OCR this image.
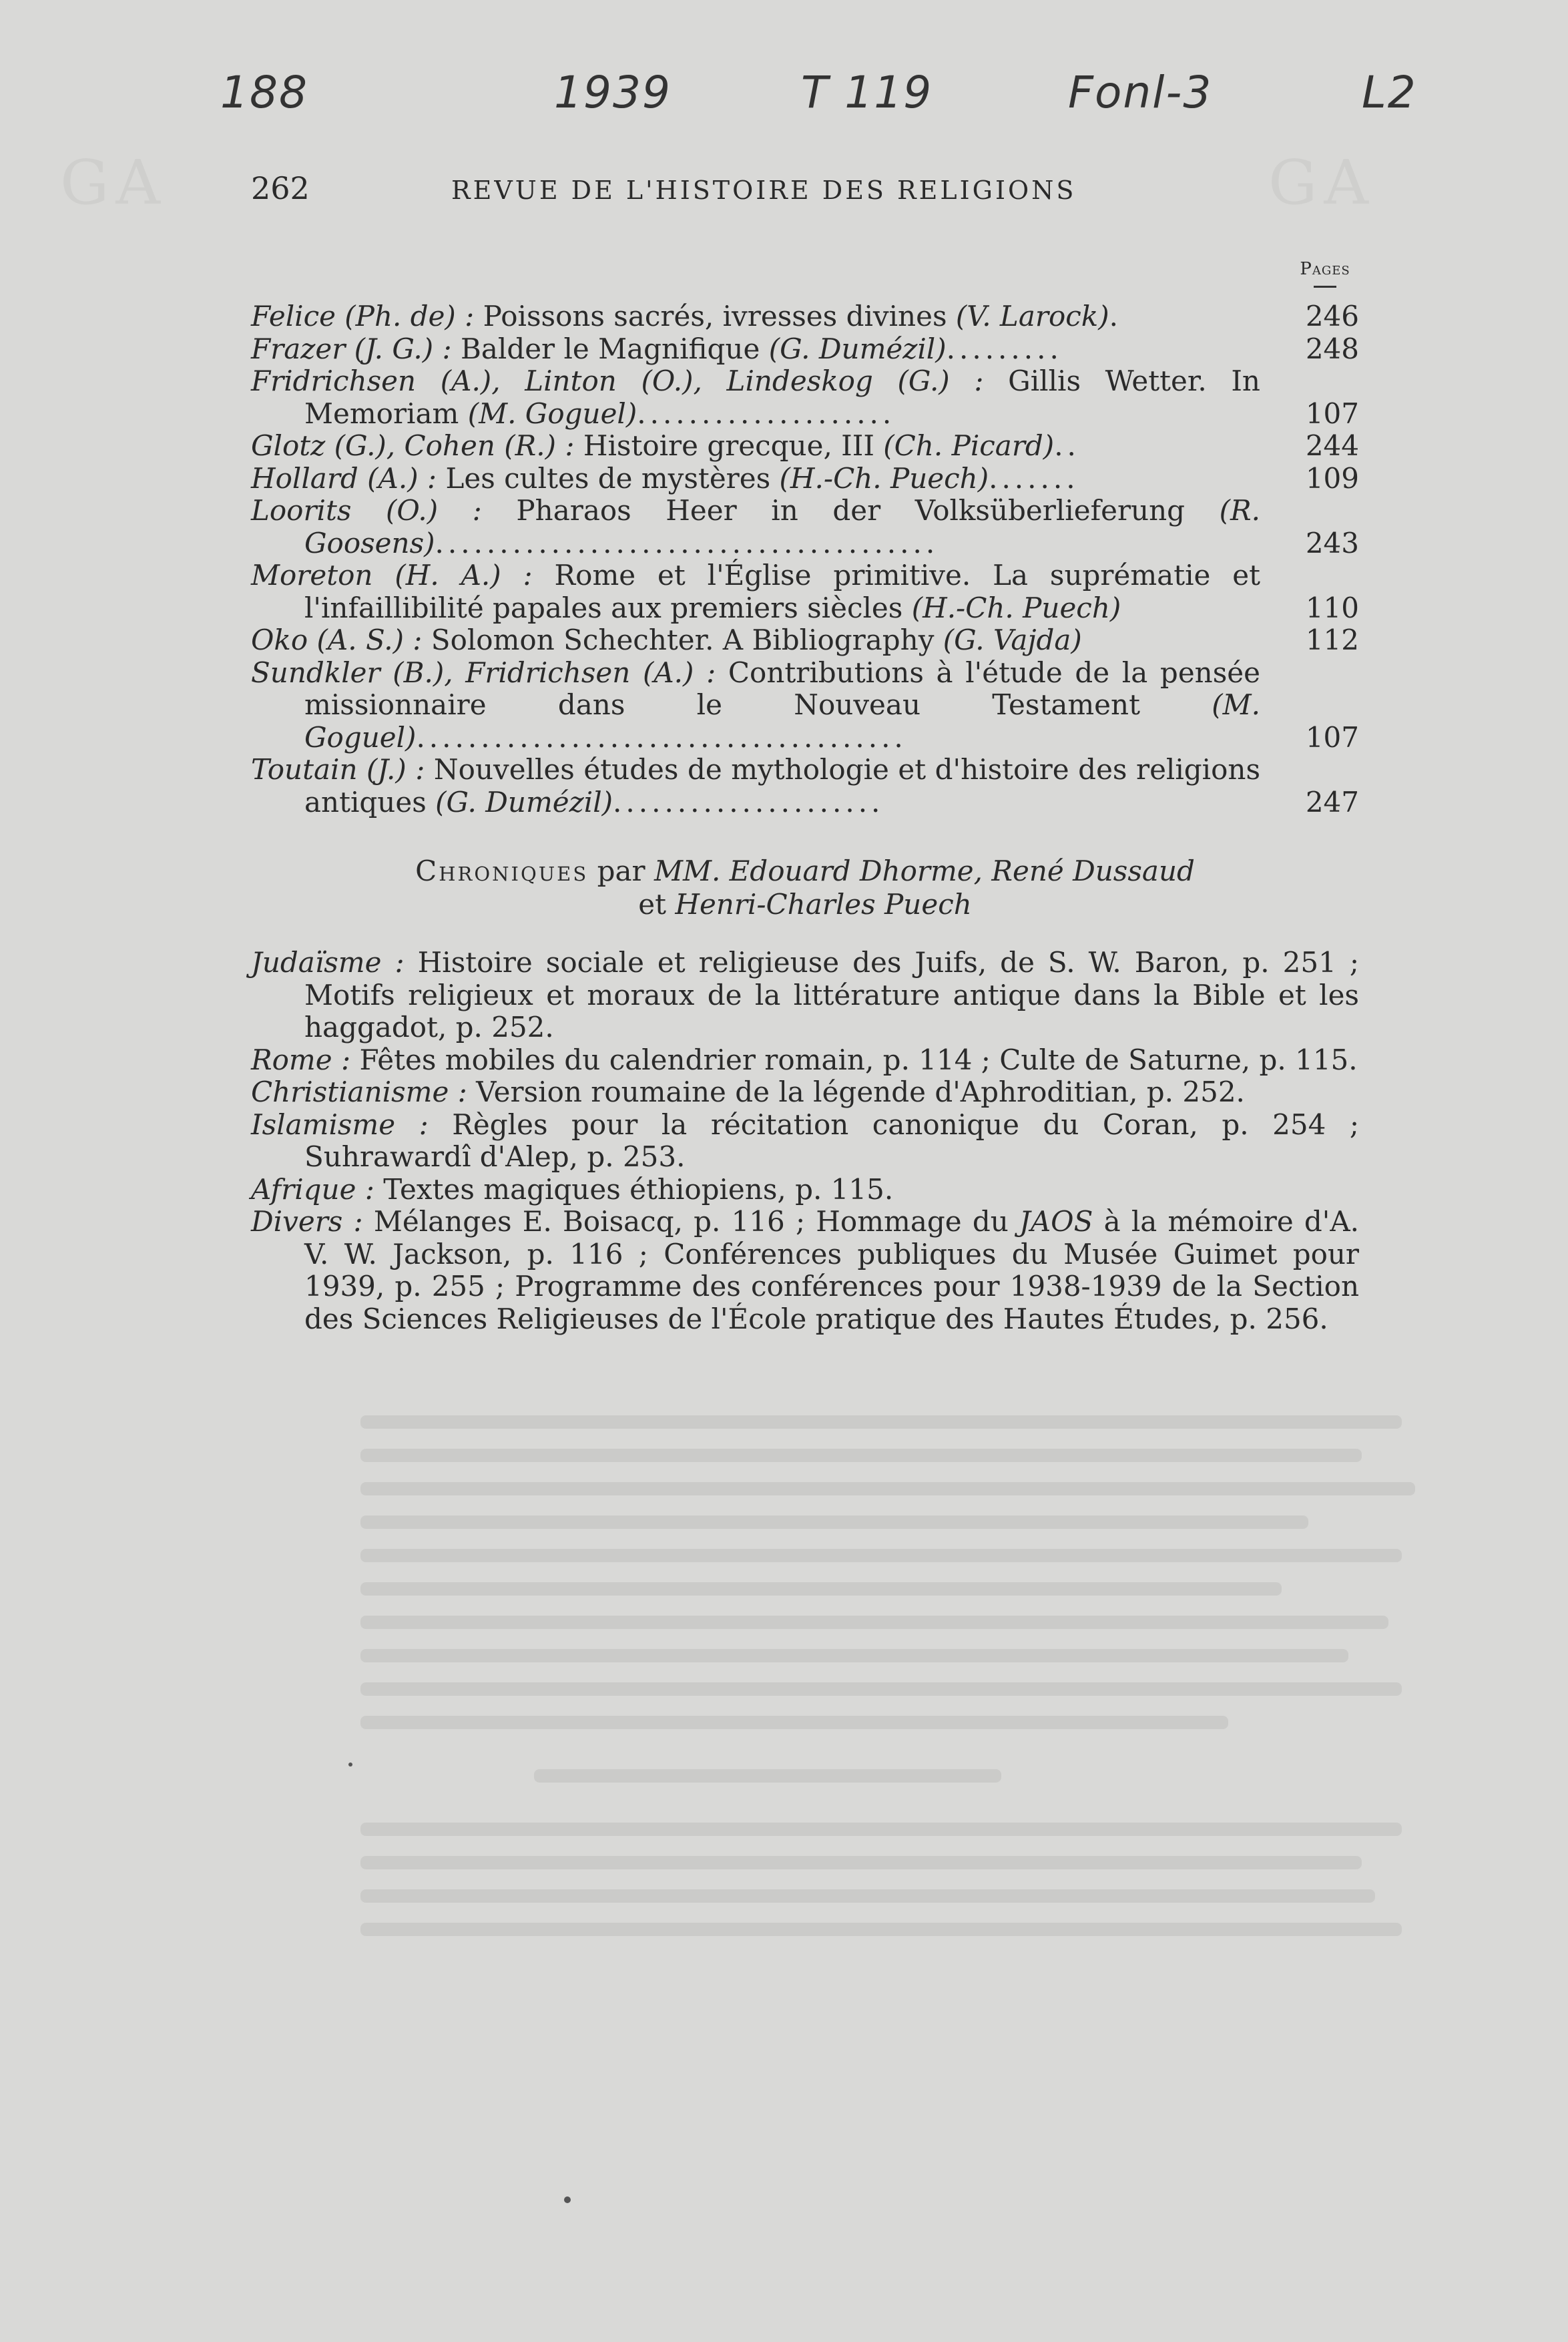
GA	GA
188	1939	T 119	Fonl-3	L2
262	REVUE DE L'HISTOIRE DES RELIGIONS
Pages
Felice (Ph. de) : Poissons sacrés, ivresses divines (V. Larock).	246
Frazer (J. G.) : Balder le Magnifique (G. Dumézil).........	248
Fridrichsen (A.), Linton (O.), Lindeskog (G.) : Gillis Wetter. In Memoriam (M. Goguel)....................	107
Glotz (G.), Cohen (R.) : Histoire grecque, III (Ch. Picard)..	244
Hollard (A.) : Les cultes de mystères (H.-Ch. Puech).......	109
Loorits (O.) : Pharaos Heer in der Volksüberlieferung (R. Goosens).......................................	243
Moreton (H. A.) : Rome et l'Église primitive. La suprématie et l'infaillibilité papales aux premiers siècles (H.-Ch. Puech)	110
Oko (A. S.) : Solomon Schechter. A Bibliography (G. Vajda)	112
Sundkler (B.), Fridrichsen (A.) : Contributions à l'étude de la pensée missionnaire dans le Nouveau Testament (M. Goguel)......................................	107
Toutain (J.) : Nouvelles études de mythologie et d'histoire des religions antiques (G. Dumézil).....................	247
Chroniques par MM. Edouard Dhorme, René Dussaud
et Henri-Charles Puech
Judaïsme : Histoire sociale et religieuse des Juifs, de S. W. Baron, p. 251 ; Motifs religieux et moraux de la littérature antique dans la Bible et les haggadot, p. 252.
Rome : Fêtes mobiles du calendrier romain, p. 114 ; Culte de Saturne, p. 115.
Christianisme : Version roumaine de la légende d'Aphroditian, p. 252.
Islamisme : Règles pour la récitation canonique du Coran, p. 254 ; Suhrawardî d'Alep, p. 253.
Afrique : Textes magiques éthiopiens, p. 115.
Divers : Mélanges E. Boisacq, p. 116 ; Hommage du JAOS à la mémoire d'A. V. W. Jackson, p. 116 ; Conférences publiques du Musée Guimet pour 1939, p. 255 ; Programme des conférences pour 1938-1939 de la Section des Sciences Religieuses de l'École pratique des Hautes Études, p. 256.
